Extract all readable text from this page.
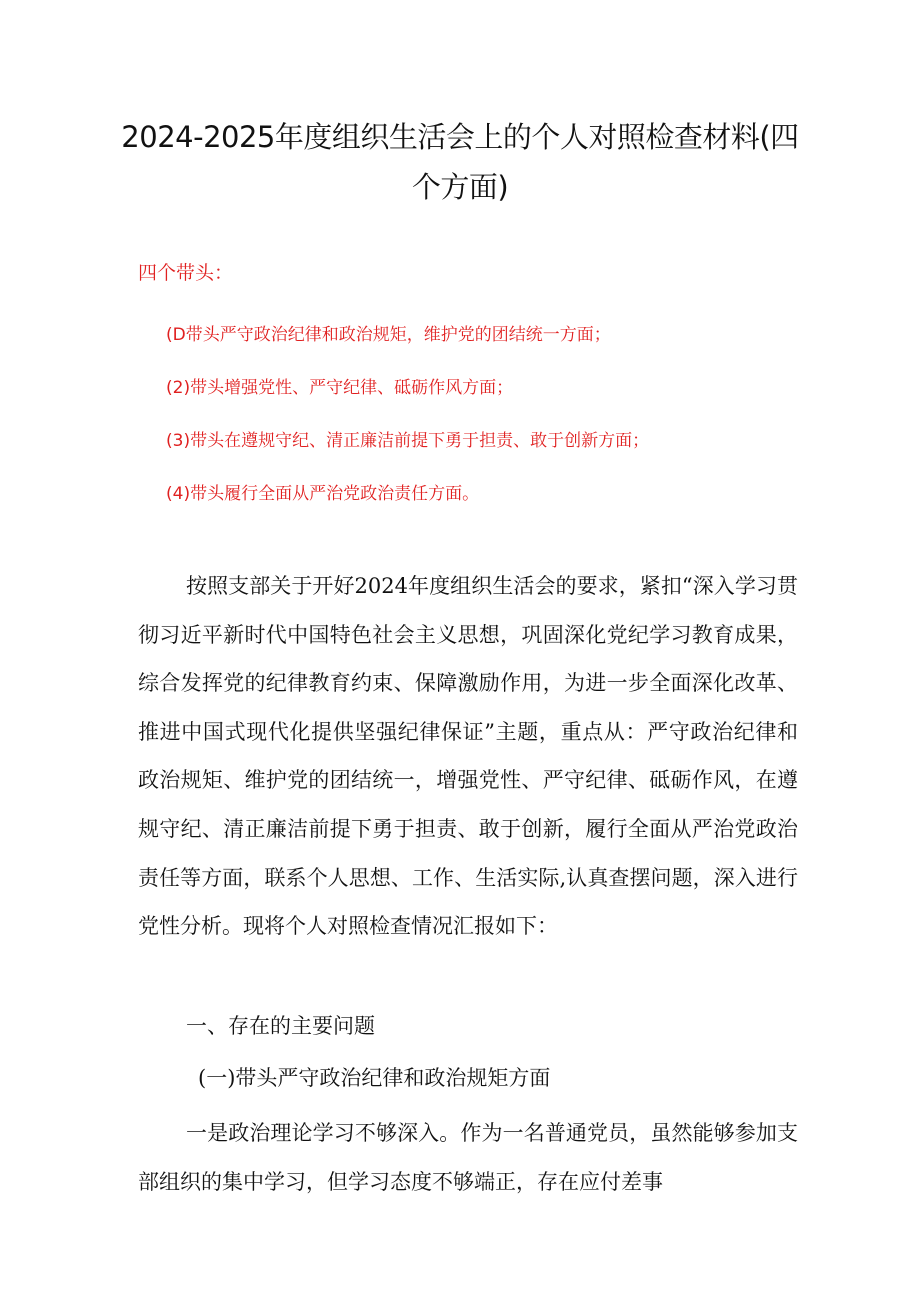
2024-2025年度组织生活会上的个人对照检查材料(四个方面)
四个带头：
(D带头严守政治纪律和政治规矩，维护党的团结统一方面；
(2)带头增强党性、严守纪律、砥砺作风方面；
(3)带头在遵规守纪、清正廉洁前提下勇于担责、敢于创新方面；
(4)带头履行全面从严治党政治责任方面。
按照支部关于开好2024年度组织生活会的要求，紧扣“深入学习贯彻习近平新时代中国特色社会主义思想，巩固深化党纪学习教育成果，综合发挥党的纪律教育约束、保障激励作用，为进一步全面深化改革、推进中国式现代化提供坚强纪律保证”主题，重点从：严守政治纪律和政治规矩、维护党的团结统一，增强党性、严守纪律、砥砺作风，在遵规守纪、清正廉洁前提下勇于担责、敢于创新，履行全面从严治党政治责任等方面，联系个人思想、工作、生活实际,认真查摆问题，深入进行党性分析。现将个人对照检查情况汇报如下：
一、存在的主要问题
(一)带头严守政治纪律和政治规矩方面
一是政治理论学习不够深入。作为一名普通党员，虽然能够参加支部组织的集中学习，但学习态度不够端正，存在应付差事
